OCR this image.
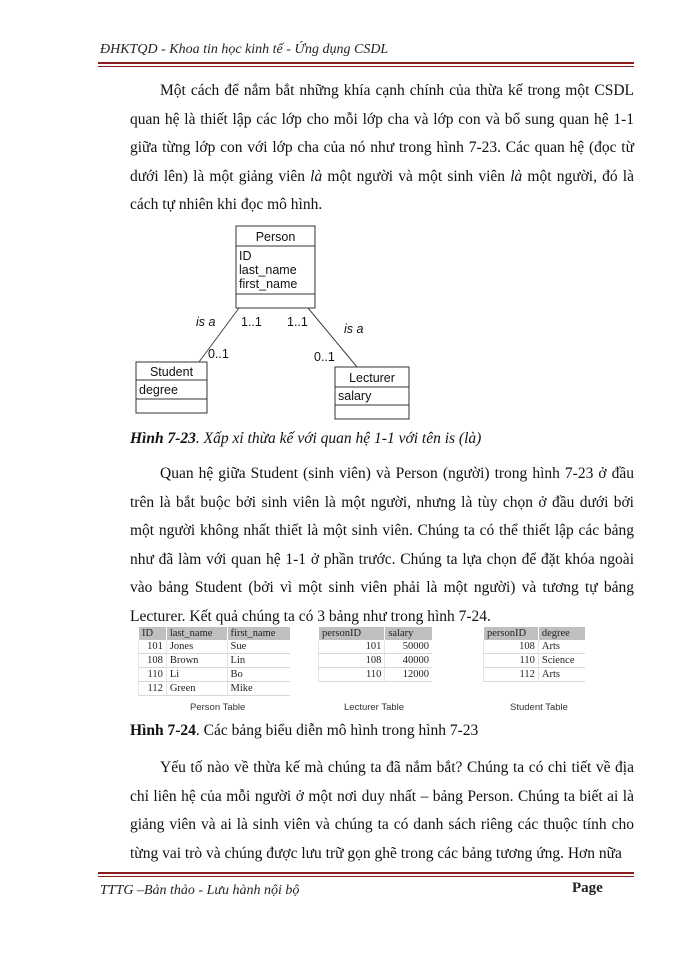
ĐHKTQD - Khoa tin học kinh tế - Ứng dụng CSDL
Một cách để nắm bắt những khía cạnh chính của thừa kế trong một CSDL quan hệ là thiết lập các lớp cho mỗi lớp cha và lớp con và bổ sung quan hệ 1-1 giữa từng lớp con với lớp cha của nó như trong hình 7-23. Các quan hệ (đọc từ dưới lên) là một giảng viên là một người và một sinh viên là một người, đó là cách tự nhiên khi đọc mô hình.
Person
ID
last_name
first_name
Student
degree
Lecturer
salary
is a 1..1
0..1
1..1	is a
0..1
Hình 7-23. Xấp xỉ thừa kế với quan hệ 1-1 với tên is (là)
Quan hệ giữa Student (sinh viên) và Person (người) trong hình 7-23 ở đầu trên là bắt buộc bởi sinh viên là một người, nhưng là tùy chọn ở đầu dưới bởi một người không nhất thiết là một sinh viên. Chúng ta có thể thiết lập các bảng như đã làm với quan hệ 1-1 ở phần trước. Chúng ta lựa chọn để đặt khóa ngoài vào bảng Student (bởi vì một sinh viên phải là một người) và tương tự bảng Lecturer. Kết quả chúng ta có 3 bảng như trong hình 7-24.
ID	last_name	first_name
101	Jones	Sue
108	Brown	Lin
110	Li	Bo
112	Green	Mike
Person Table
personID	salary
101	50000
108	40000
110	12000
Lecturer Table
personID	degree
108	Arts
110	Science
112	Arts
Student Table
Hình 7-24. Các bảng biểu diễn mô hình trong hình 7-23
Yếu tố nào về thừa kế mà chúng ta đã nắm bắt? Chúng ta có chi tiết về địa chỉ liên hệ của mỗi người ở một nơi duy nhất – bảng Person. Chúng ta biết ai là giảng viên và ai là sinh viên và chúng ta có danh sách riêng các thuộc tính cho từng vai trò và chúng được lưu trữ gọn ghẽ trong các bảng tương ứng. Hơn nữa
TTTG –Bản thảo - Lưu hành nội bộ	Page
